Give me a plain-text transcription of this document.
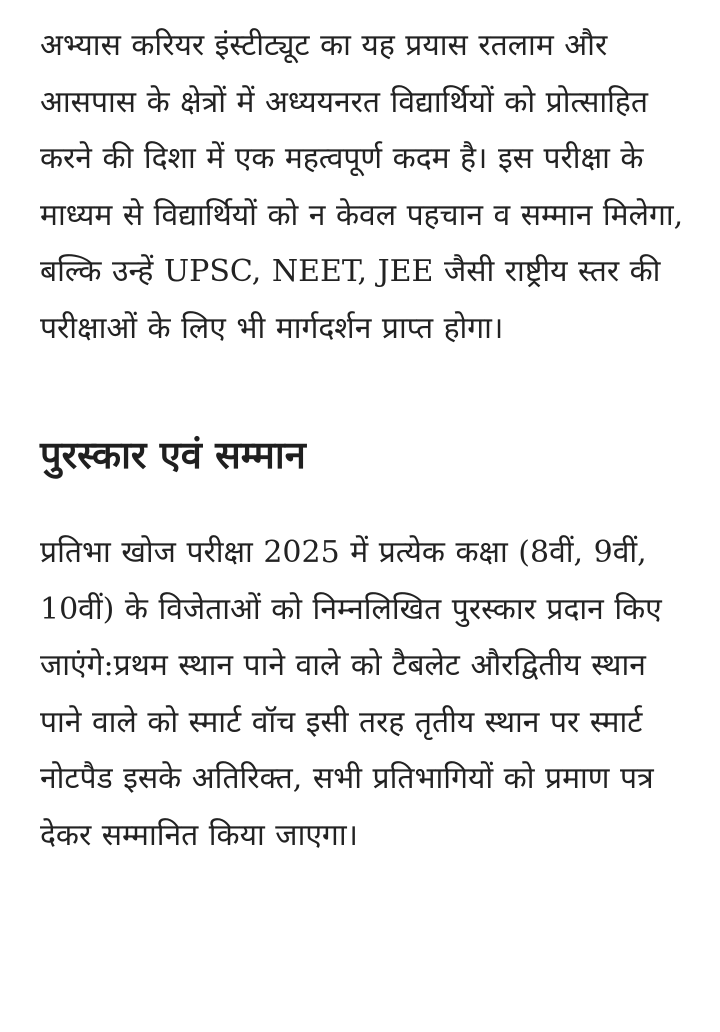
अभ्यास करियर इंस्टीट्यूट का यह प्रयास रतलाम और आसपास के क्षेत्रों में अध्ययनरत विद्यार्थियों को प्रोत्साहित करने की दिशा में एक महत्वपूर्ण कदम है। इस परीक्षा के माध्यम से विद्यार्थियों को न केवल पहचान व सम्मान मिलेगा, बल्कि उन्हें UPSC, NEET, JEE जैसी राष्ट्रीय स्तर की परीक्षाओं के लिए भी मार्गदर्शन प्राप्त होगा।

पुरस्कार एवं सम्मान

प्रतिभा खोज परीक्षा 2025 में प्रत्येक कक्षा (8वीं, 9वीं, 10वीं) के विजेताओं को निम्नलिखित पुरस्कार प्रदान किए जाएंगे:प्रथम स्थान पाने वाले को टैबलेट औरद्वितीय स्थान पाने वाले को स्मार्ट वॉच इसी तरह तृतीय स्थान पर स्मार्ट नोटपैड इसके अतिरिक्त, सभी प्रतिभागियों को प्रमाण पत्र देकर सम्मानित किया जाएगा।
